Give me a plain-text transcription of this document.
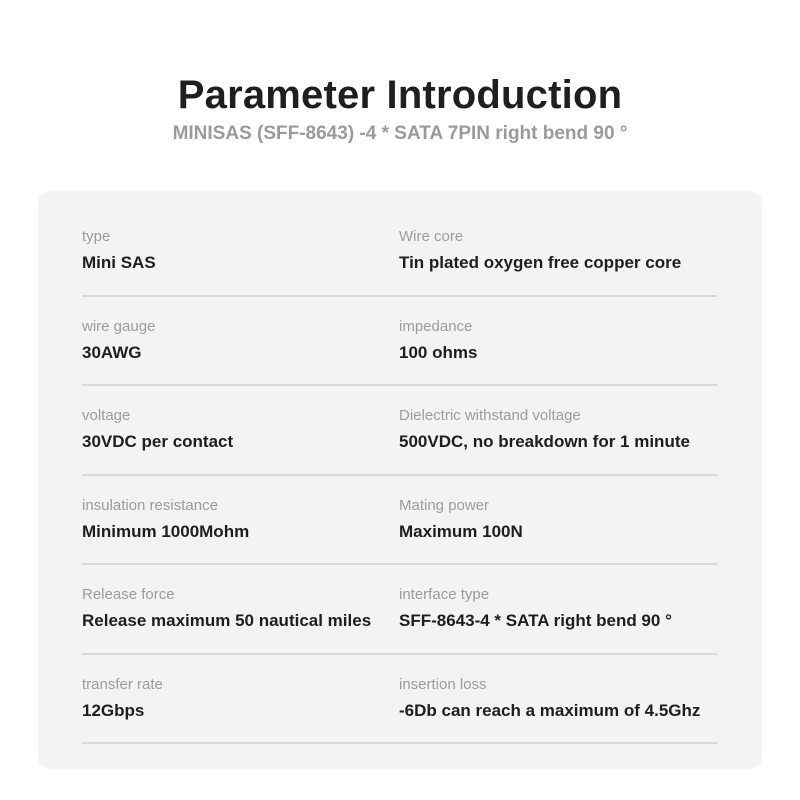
Parameter Introduction
MINISAS (SFF-8643) -4 * SATA 7PIN right bend 90 °
type
Mini SAS
Wire core
Tin plated oxygen free copper core
wire gauge
30AWG
impedance
100 ohms
voltage
30VDC per contact
Dielectric withstand voltage
500VDC, no breakdown for 1 minute
insulation resistance
Minimum 1000Mohm
Mating power
Maximum 100N
Release force
Release maximum 50 nautical miles
interface type
SFF-8643-4 * SATA right bend 90 °
transfer rate
12Gbps
insertion loss
-6Db can reach a maximum of 4.5Ghz
